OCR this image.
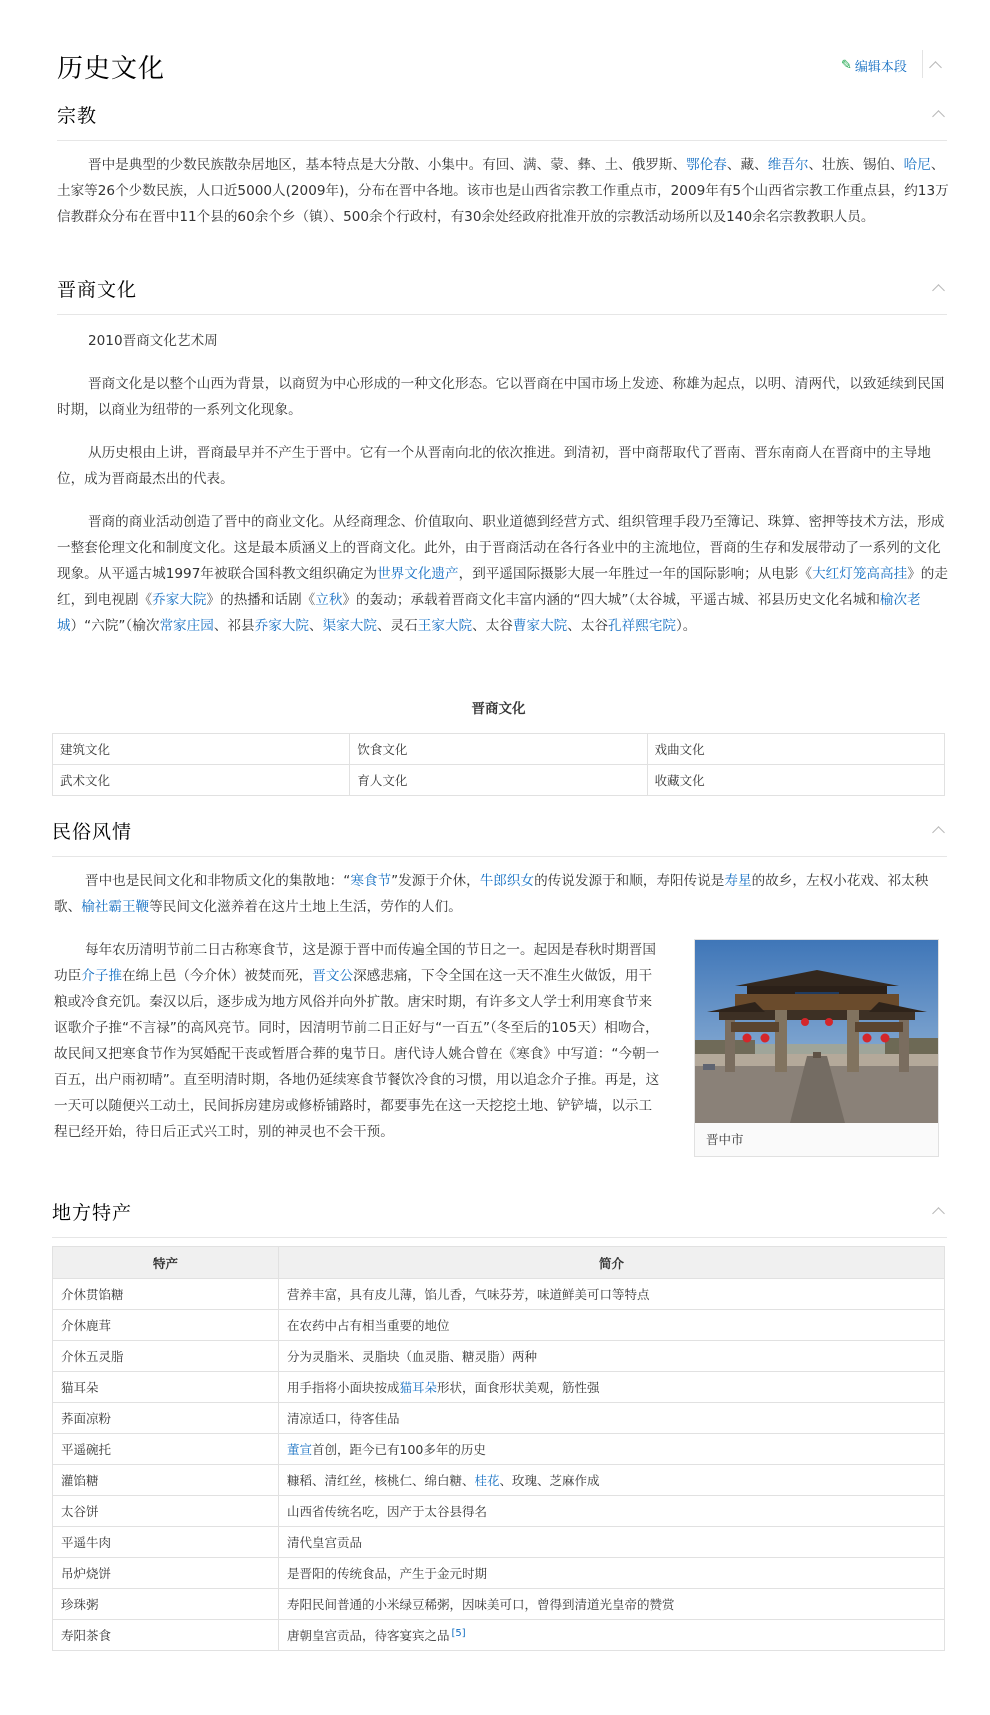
历史文化	✎ 编辑本段
宗教

晋中是典型的少数民族散杂居地区，基本特点是大分散、小集中。有回、满、蒙、彝、土、俄罗斯、鄂伦春、藏、维吾尔、壮族、锡伯、哈尼、土家等26个少数民族，人口近5000人(2009年)，分布在晋中各地。该市也是山西省宗教工作重点市，2009年有5个山西省宗教工作重点县，约13万信教群众分布在晋中11个县的60余个乡（镇）、500余个行政村，有30余处经政府批准开放的宗教活动场所以及140余名宗教教职人员。

晋商文化

2010晋商文化艺术周

晋商文化是以整个山西为背景，以商贸为中心形成的一种文化形态。它以晋商在中国市场上发迹、称雄为起点，以明、清两代，以致延续到民国时期，以商业为纽带的一系列文化现象。

从历史根由上讲，晋商最早并不产生于晋中。它有一个从晋南向北的依次推进。到清初，晋中商帮取代了晋南、晋东南商人在晋商中的主导地位，成为晋商最杰出的代表。

晋商的商业活动创造了晋中的商业文化。从经商理念、价值取向、职业道德到经营方式、组织管理手段乃至簿记、珠算、密押等技术方法，形成一整套伦理文化和制度文化。这是最本质涵义上的晋商文化。此外，由于晋商活动在各行各业中的主流地位，晋商的生存和发展带动了一系列的文化现象。从平遥古城1997年被联合国科教文组织确定为世界文化遗产，到平遥国际摄影大展一年胜过一年的国际影响；从电影《大红灯笼高高挂》的走红，到电视剧《乔家大院》的热播和话剧《立秋》的轰动；承载着晋商文化丰富内涵的“四大城”（太谷城，平遥古城、祁县历史文化名城和榆次老城）“六院”（榆次常家庄园、祁县乔家大院、渠家大院、灵石王家大院、太谷曹家大院、太谷孔祥熙宅院）。

晋商文化
建筑文化	饮食文化	戏曲文化
武术文化	育人文化	收藏文化
民俗风情

晋中也是民间文化和非物质文化的集散地：“寒食节”发源于介休，牛郎织女的传说发源于和顺，寿阳传说是寿星的故乡，左权小花戏、祁太秧歌、榆社霸王鞭等民间文化滋养着在这片土地上生活，劳作的人们。

每年农历清明节前二日古称寒食节，这是源于晋中而传遍全国的节日之一。起因是春秋时期晋国功臣介子推在绵上邑（今介休）被焚而死，晋文公深感悲痛，下令全国在这一天不准生火做饭，用干粮或冷食充饥。秦汉以后，逐步成为地方风俗并向外扩散。唐宋时期，有许多文人学士利用寒食节来讴歌介子推“不言禄”的高风亮节。同时，因清明节前二日正好与“一百五”（冬至后的105天）相吻合，故民间又把寒食节作为冥婚配干丧或暂厝合葬的鬼节日。唐代诗人姚合曾在《寒食》中写道：“今朝一百五，出户雨初晴”。直至明清时期，各地仍延续寒食节餐饮冷食的习惯，用以追念介子推。再是，这一天可以随便兴工动土，民间拆房建房或修桥铺路时，都要事先在这一天挖挖土地、铲铲墙，以示工程已经开始，待日后正式兴工时，别的神灵也不会干预。	晋中市
地方特产
特产	简介
介休贯馅糖	营养丰富，具有皮儿薄，馅儿香，气味芬芳，味道鲜美可口等特点
介休鹿茸	在农药中占有相当重要的地位
介休五灵脂	分为灵脂米、灵脂块（血灵脂、糖灵脂）两种
猫耳朵	用手指将小面块按成猫耳朵形状，面食形状美观，筋性强
荞面凉粉	清凉适口，待客佳品
平遥碗托	董宣首创，距今已有100多年的历史
灌馅糖	糠稻、清红丝，核桃仁、绵白糖、桂花、玫瑰、芝麻作成
太谷饼	山西省传统名吃，因产于太谷县得名
平遥牛肉	清代皇宫贡品
吊炉烧饼	是晋阳的传统食品，产生于金元时期
珍珠粥	寿阳民间普通的小米绿豆稀粥，因味美可口，曾得到清道光皇帝的赞赏
寿阳茶食	唐朝皇宫贡品，待客宴宾之品 [5]
